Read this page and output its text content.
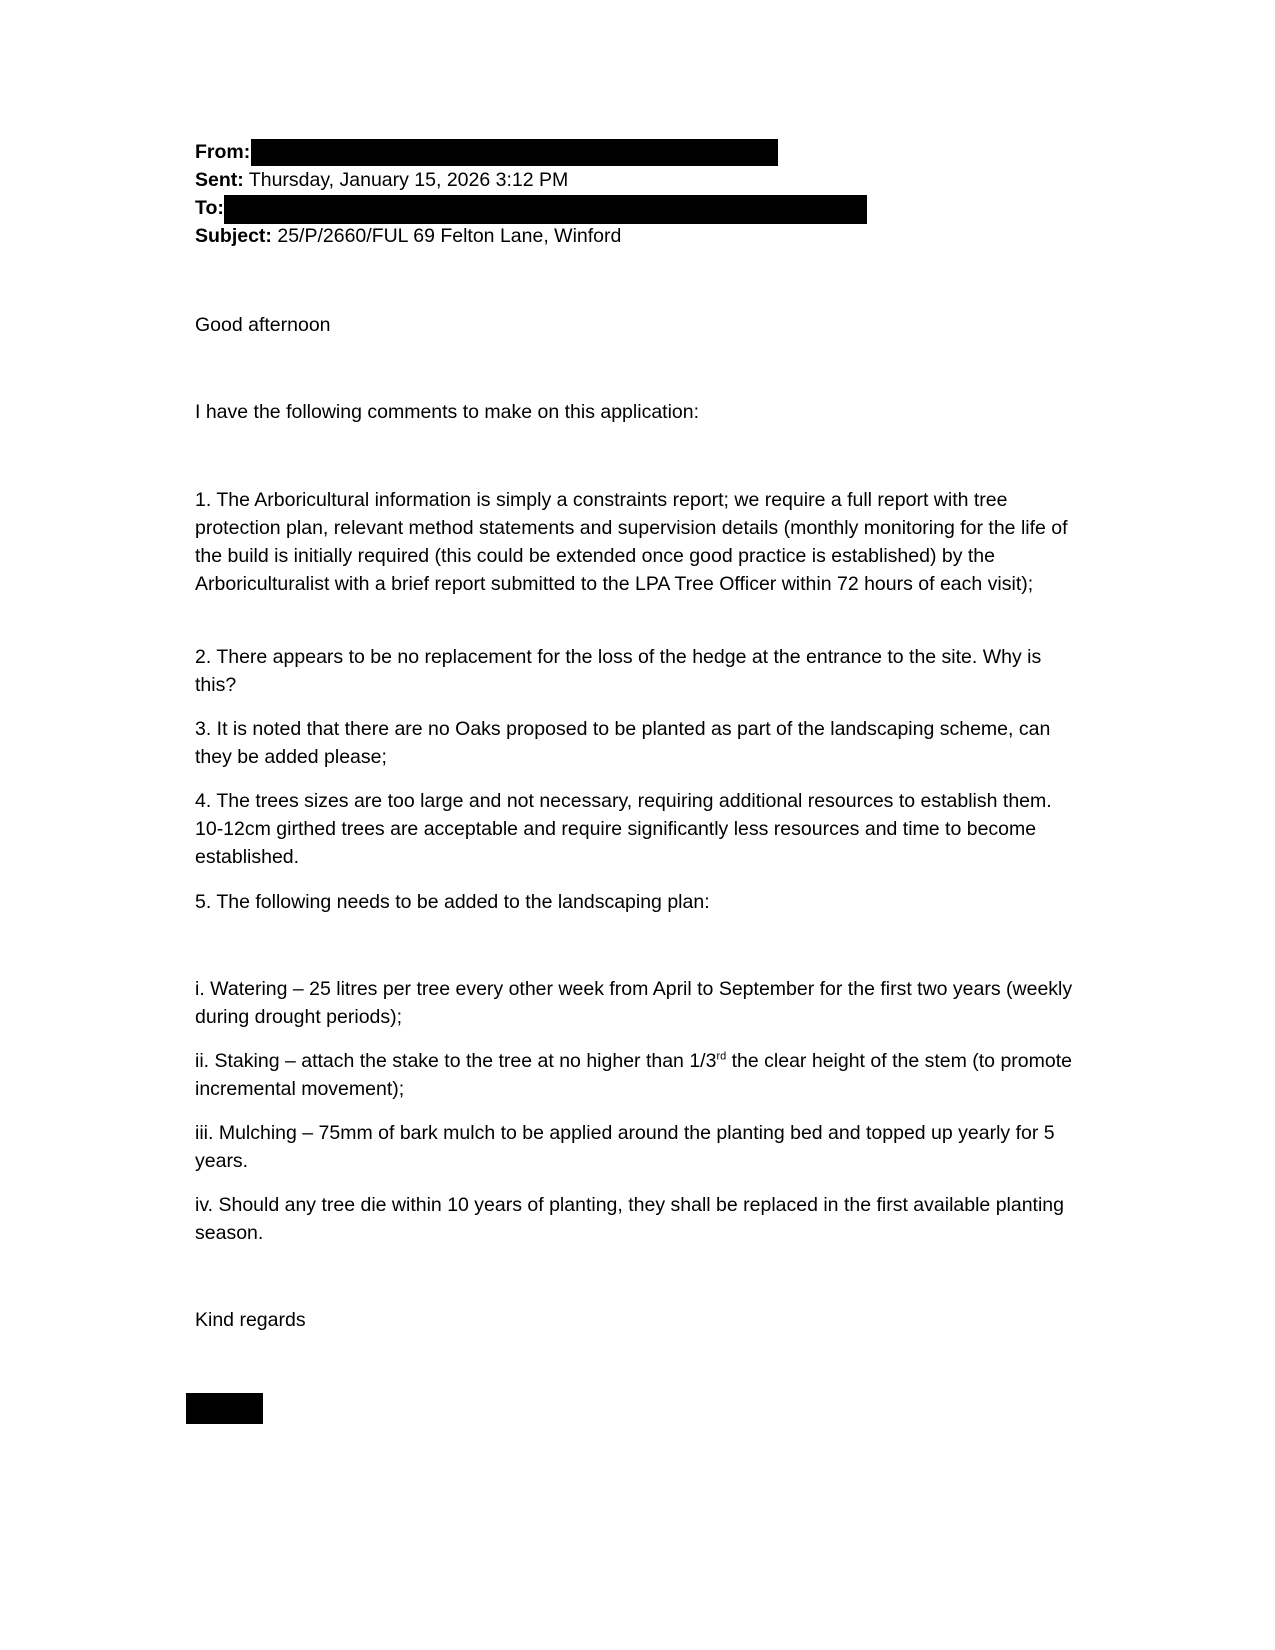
From:
Sent: Thursday, January 15, 2026 3:12 PM
To:
Subject: 25/P/2660/FUL 69 Felton Lane, Winford
Good afternoon
I have the following comments to make on this application:
1. The Arboricultural information is simply a constraints report; we require a full report with tree protection plan, relevant method statements and supervision details (monthly monitoring for the life of the build is initially required (this could be extended once good practice is established) by the Arboriculturalist with a brief report submitted to the LPA Tree Officer within 72 hours of each visit);
2. There appears to be no replacement for the loss of the hedge at the entrance to the site. Why is this?
3. It is noted that there are no Oaks proposed to be planted as part of the landscaping scheme, can they be added please;
4. The trees sizes are too large and not necessary, requiring additional resources to establish them. 10-12cm girthed trees are acceptable and require significantly less resources and time to become established.
5. The following needs to be added to the landscaping plan:
i. Watering – 25 litres per tree every other week from April to September for the first two years (weekly during drought periods);
ii. Staking – attach the stake to the tree at no higher than 1/3rd the clear height of the stem (to promote incremental movement);
iii. Mulching – 75mm of bark mulch to be applied around the planting bed and topped up yearly for 5 years.
iv. Should any tree die within 10 years of planting, they shall be replaced in the first available planting season.
Kind regards
